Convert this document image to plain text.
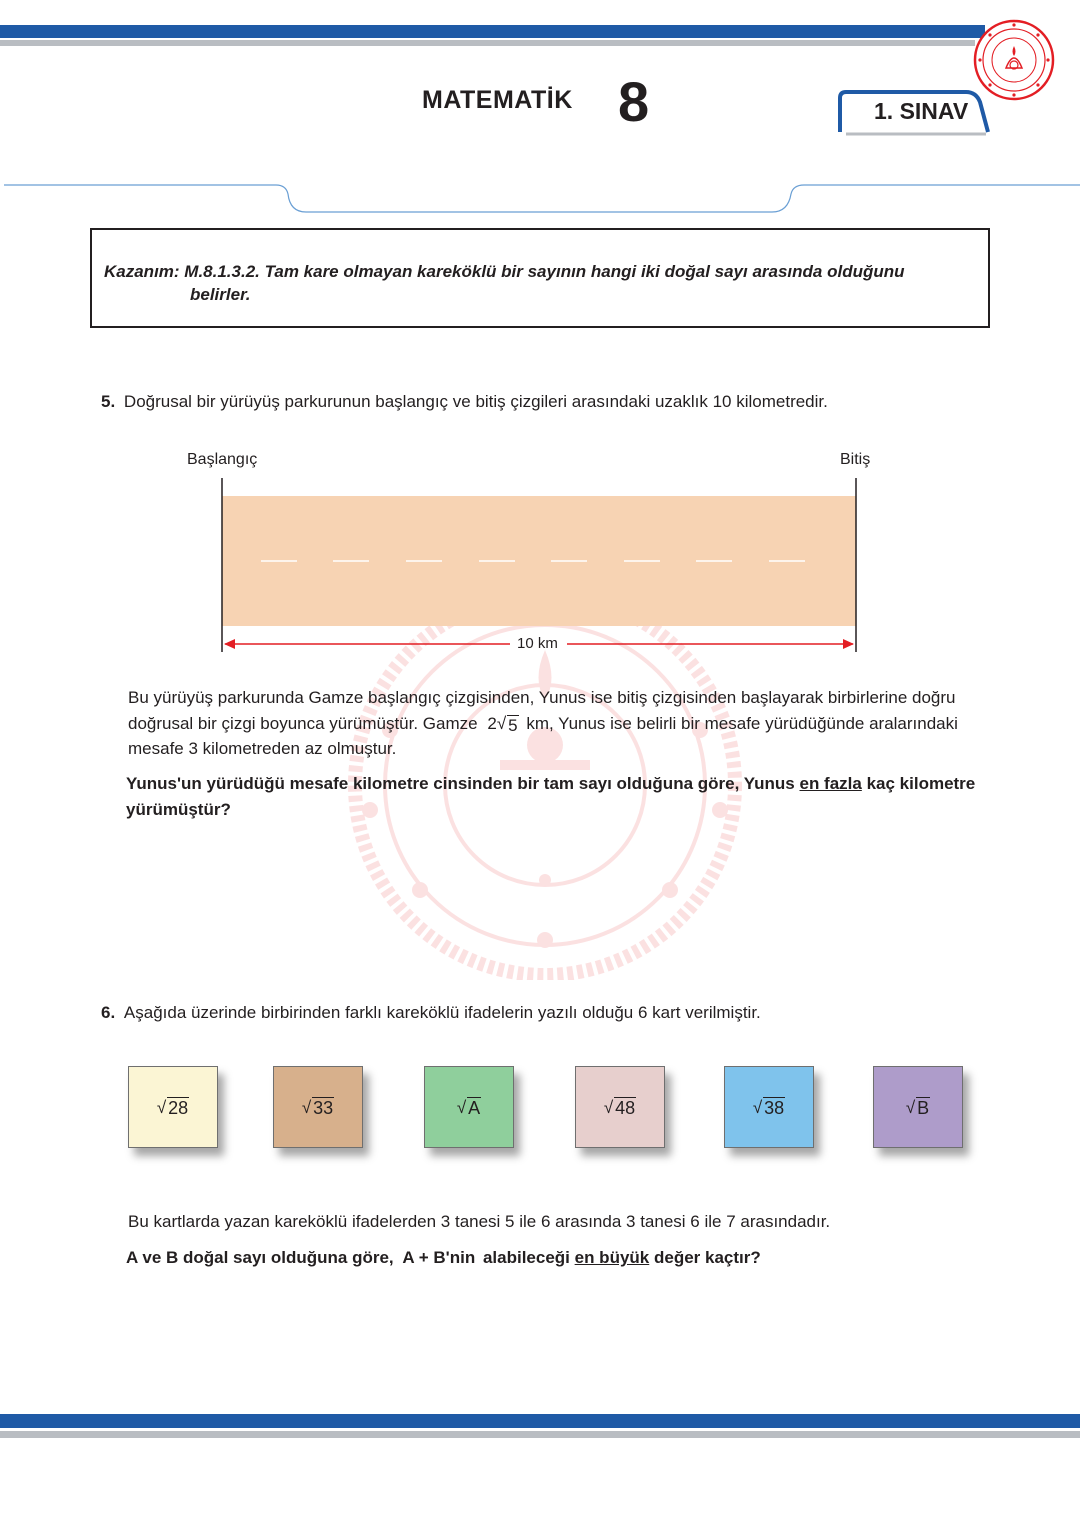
MATEMATİK 8	1. SINAV
Kazanım: M.8.1.3.2. Tam kare olmayan kareköklü bir sayının hangi iki doğal sayı arasında olduğunu
belirler.
5. Doğrusal bir yürüyüş parkurunun başlangıç ve bitiş çizgileri arasındaki uzaklık 10 kilometredir.
Başlangıç	Bitiş
10 km
Bu yürüyüş parkurunda Gamze başlangıç çizgisinden, Yunus ise bitiş çizgisinden başlayarak birbirlerine doğru
doğrusal bir çizgi boyunca yürümüştür. Gamze 2 √ 5 km, Yunus ise belirli bir mesafe yürüdüğünde aralarındaki
mesafe 3 kilometreden az olmuştur.
Yunus'un yürüdüğü mesafe kilometre cinsinden bir tam sayı olduğuna göre, Yunus en fazla kaç kilometre
yürümüştür?
6. Aşağıda üzerinde birbirinden farklı kareköklü ifadelerin yazılı olduğu 6 kart verilmiştir.
√ 28	√ 33	√ A	√ 48	√ 38	√ B
Bu kartlarda yazan kareköklü ifadelerden 3 tanesi 5 ile 6 arasında 3 tanesi 6 ile 7 arasındadır.
A ve B doğal sayı olduğuna göre, A + B'nin alabileceği en büyük değer kaçtır?
